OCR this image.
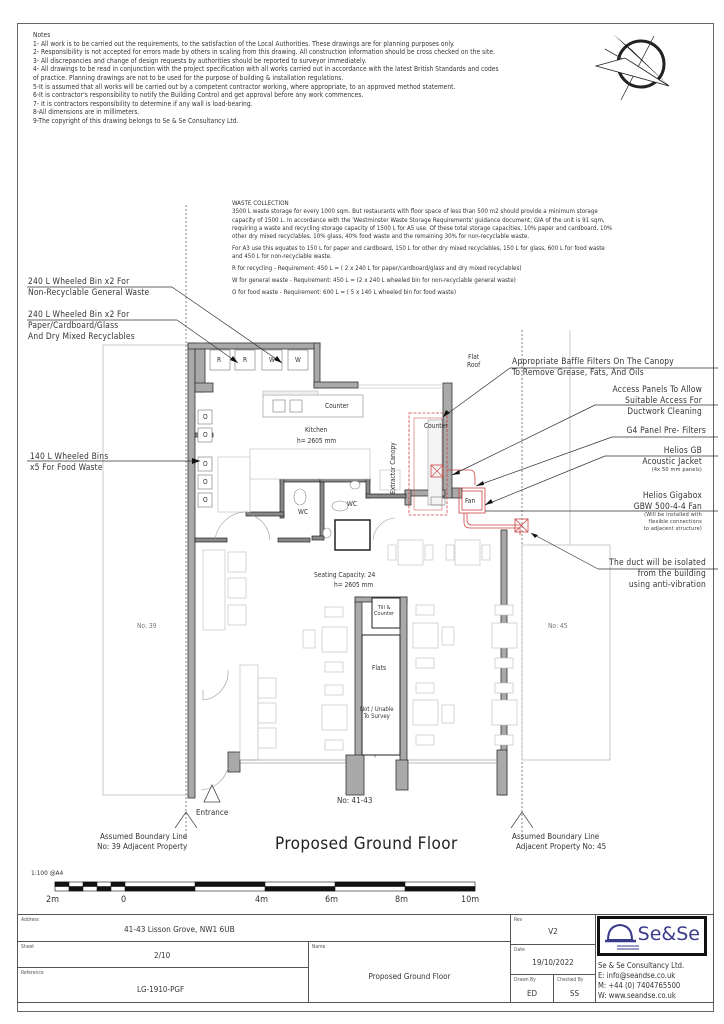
Notes
1- All work is to be carried out the requirements, to the satisfaction of the Local Authorities. These drawings are for planning purposes only.
2- Responsibility is not accepted for errors made by others in scaling from this drawing. All construction information should be cross checked on the site.
3- All discrepancies and change of design requests by authorities should be reported to surveyor immediately.
4- All drawings to be read in conjunction with the project specification with all works carried out in accordance with the latest British Standards and codes of practice. Planning drawings are not to be used for the purpose of building & installation regulations.
5-It is assumed that all works will be carried out by a competent contractor working, where appropriate, to an approved method statement.
6-It is contractor's responsibility to notify the Building Control and get approval before any work commences.
7- It is contractors responsibility to determine if any wall is load-bearing.
8-All dimensions are in millimeters.
9-The copyright of this drawing belongs to Se & Se Consultancy Ltd.

WASTE COLLECTION

3500 L waste storage for every 1000 sqm. But restaurants with floor space of less than 500 m2 should provide a minimum storage capacity of 1500 L. In accordance with the 'Westminster Waste Storage Requirements' guidance document; GIA of the unit is 91 sqm, requiring a waste and recycling storage capacity of 1500 L for A5 use. Of these total storage capacities, 10% paper and cardboard, 10% other dry mixed recyclables, 10% glass, 40% food waste and the remaining 30% for non-recyclable waste.

For A3 use this equates to 150 L for paper and cardboard, 150 L for other dry mixed recyclables, 150 L for glass, 600 L for food waste and 450 L for non-recyclable waste.

R for recycling - Requirement: 450 L = ( 2 x 240 L for paper/cardboard/glass and dry mixed recyclables)

W for general waste - Requirement: 450 L = (2 x 240 L wheeled bin for non-recyclable general waste)

O for food waste - Requirement: 600 L = ( 5 x 140 L wheeled bin for food waste)

240 L Wheeled Bin x2 For
Non-Recyclable General Waste
240 L Wheeled Bin x2 For
Paper/Cardboard/Glass
And Dry Mixed Recyclables
140 L Wheeled Bins
x5 For Food Waste
Appropriate Baffle Filters On The Canopy
To Remove Grease, Fats, And Oils
Access Panels To Allow
Suitable Access For
Ductwork Cleaning
G4 Panel Pre- Filters
Helios GB
Acoustic Jacket
(4x 50 mm panels)
Helios Gigabox
GBW 500-4-4 Fan
(Will be installed with
flexible connections
to adjacent structure)
The duct will be isolated
from the building
using anti-vibration
R	R	W	W
O
O
O
O
O
Counter
Kitchen
h= 2605 mm
WC
WC
Extractor Canopy
Counter
Flat
Roof
Fan
Seating Capacity: 24
h= 2605 mm
Till &
Counter
Flats
Not / Unable
To Survey
Entrance
No: 39	No: 45
No: 41-43
Assumed Boundary Line
No: 39 Adjacent Property	Proposed Ground Floor	Assumed Boundary Line
Adjacent Property No: 45
1:100 @A4
2m	0	4m	6m	8m	10m
Address
41-43 Lisson Grove, NW1 6UB
Sheet
2/10
Reference
LG-1910-PGF
Name
Proposed Ground Floor
Rev
V2
Date
19/10/2022
Drawn By
ED
Checked By
SS
Se&Se
Se & Se Consultancy Ltd.
E: info@seandse.co.uk
M: +44 (0) 7404765500
W: www.seandse.co.uk
